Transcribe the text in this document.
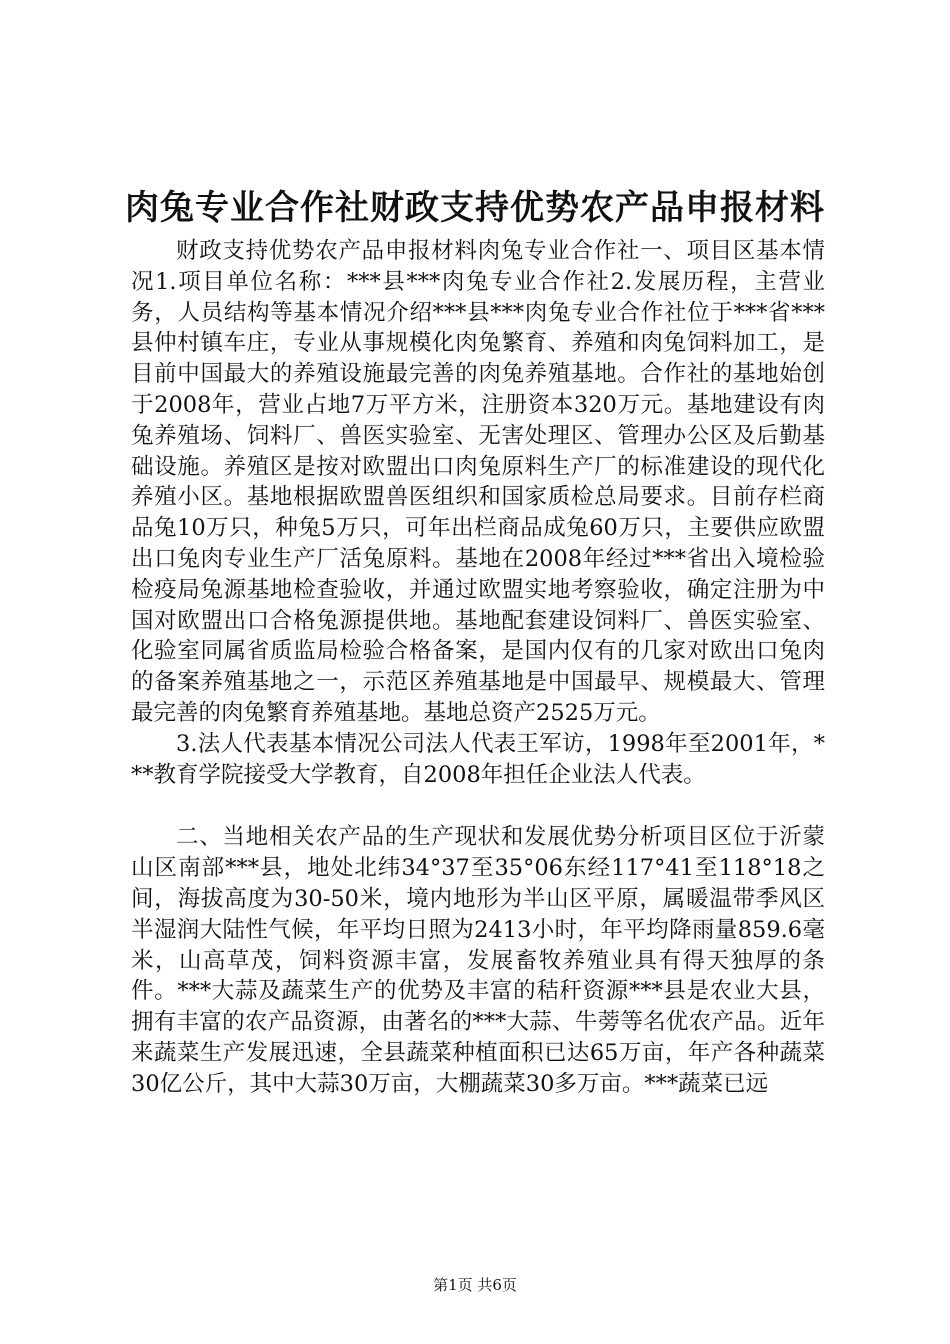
肉兔专业合作社财政支持优势农产品申报材料

财政支持优势农产品申报材料肉兔专业合作社一、项目区基本情况1.项目单位名称：***县***肉兔专业合作社2.发展历程，主营业务，人员结构等基本情况介绍***县***肉兔专业合作社位于***省***县仲村镇车庄，专业从事规模化肉兔繁育、养殖和肉兔饲料加工，是目前中国最大的养殖设施最完善的肉兔养殖基地。合作社的基地始创于2008年，营业占地7万平方米，注册资本320万元。基地建设有肉兔养殖场、饲料厂、兽医实验室、无害处理区、管理办公区及后勤基础设施。养殖区是按对欧盟出口肉兔原料生产厂的标准建设的现代化养殖小区。基地根据欧盟兽医组织和国家质检总局要求。目前存栏商品兔10万只，种兔5万只，可年出栏商品成兔60万只，主要供应欧盟出口兔肉专业生产厂活兔原料。基地在2008年经过***省出入境检验检疫局兔源基地检查验收，并通过欧盟实地考察验收，确定注册为中国对欧盟出口合格兔源提供地。基地配套建设饲料厂、兽医实验室、化验室同属省质监局检验合格备案，是国内仅有的几家对欧出口兔肉的备案养殖基地之一，示范区养殖基地是中国最早、规模最大、管理最完善的肉兔繁育养殖基地。基地总资产2525万元。

3.法人代表基本情况公司法人代表王军访，1998年至2001年，***教育学院接受大学教育，自2008年担任企业法人代表。

二、当地相关农产品的生产现状和发展优势分析项目区位于沂蒙山区南部***县，地处北纬34°37至35°06东经117°41至118°18之间，海拔高度为30-50米，境内地形为半山区平原，属暖温带季风区半湿润大陆性气候，年平均日照为2413小时，年平均降雨量859.6毫米，山高草茂，饲料资源丰富，发展畜牧养殖业具有得天独厚的条件。***大蒜及蔬菜生产的优势及丰富的秸秆资源***县是农业大县，拥有丰富的农产品资源，由著名的***大蒜、牛蒡等名优农产品。近年来蔬菜生产发展迅速，全县蔬菜种植面积已达65万亩，年产各种蔬菜30亿公斤，其中大蒜30万亩，大棚蔬菜30多万亩。***蔬菜已远

第1页 共6页
